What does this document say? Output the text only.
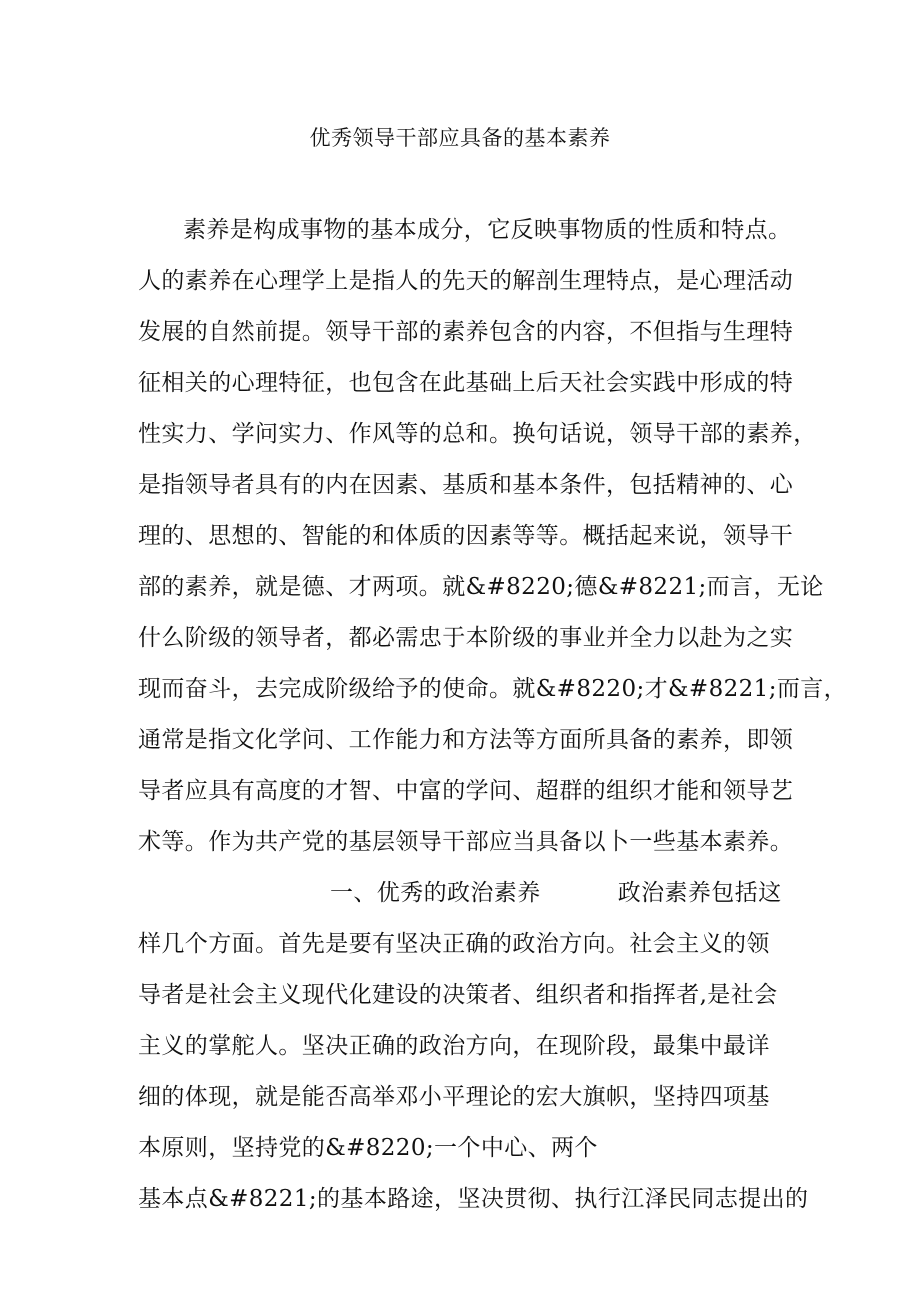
优秀领导干部应具备的基本素养
素养是构成事物的基本成分，它反映事物质的性质和特点。
人的素养在心理学上是指人的先天的解剖生理特点，是心理活动
发展的自然前提。领导干部的素养包含的内容，不但指与生理特
征相关的心理特征，也包含在此基础上后天社会实践中形成的特
性实力、学问实力、作风等的总和。换句话说，领导干部的素养，
是指领导者具有的内在因素、基质和基本条件，包括精神的、心
理的、思想的、智能的和体质的因素等等。概括起来说，领导干
部的素养，就是德、才两项。就&#8220;德&#8221;而言，无论
什么阶级的领导者，都必需忠于本阶级的事业并全力以赴为之实
现而奋斗，去完成阶级给予的使命。就&#8220;才&#8221;而言，
通常是指文化学问、工作能力和方法等方面所具备的素养，即领
导者应具有高度的才智、中富的学问、超群的组织才能和领导艺
术等。作为共产党的基层领导干部应当具备以卜一些基本素养。
一、优秀的政治素养          政治素养包括这
样几个方面。首先是要有坚决正确的政治方向。社会主义的领
导者是社会主义现代化建设的决策者、组织者和指挥者,是社会
主义的掌舵人。坚决正确的政治方向，在现阶段，最集中最详
细的体现，就是能否高举邓小平理论的宏大旗帜，坚持四项基
本原则，坚持党的&#8220;一个中心、两个
基本点&#8221;的基本路途，坚决贯彻、执行江泽民同志提出的
